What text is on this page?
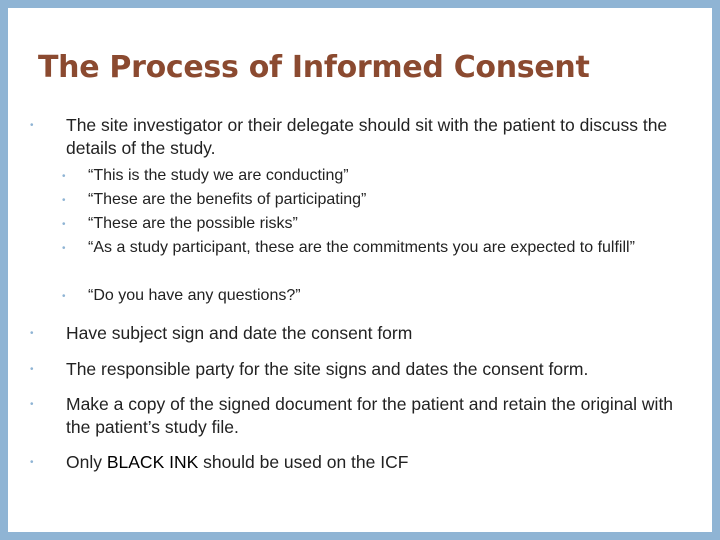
The Process of Informed Consent
• The site investigator or their delegate should sit with the patient to discuss the details of the study.
• “This is the study we are conducting”
• “These are the benefits of participating”
• “These are the possible risks”
• “As a study participant, these are the commitments you are expected to fulfill”
• “Do you have any questions?”
• Have subject sign and date the consent form
• The responsible party for the site signs and dates the consent form.
• Make a copy of the signed document for the patient and retain the original with the patient’s study file.
• Only BLACK INK should be used on the ICF
